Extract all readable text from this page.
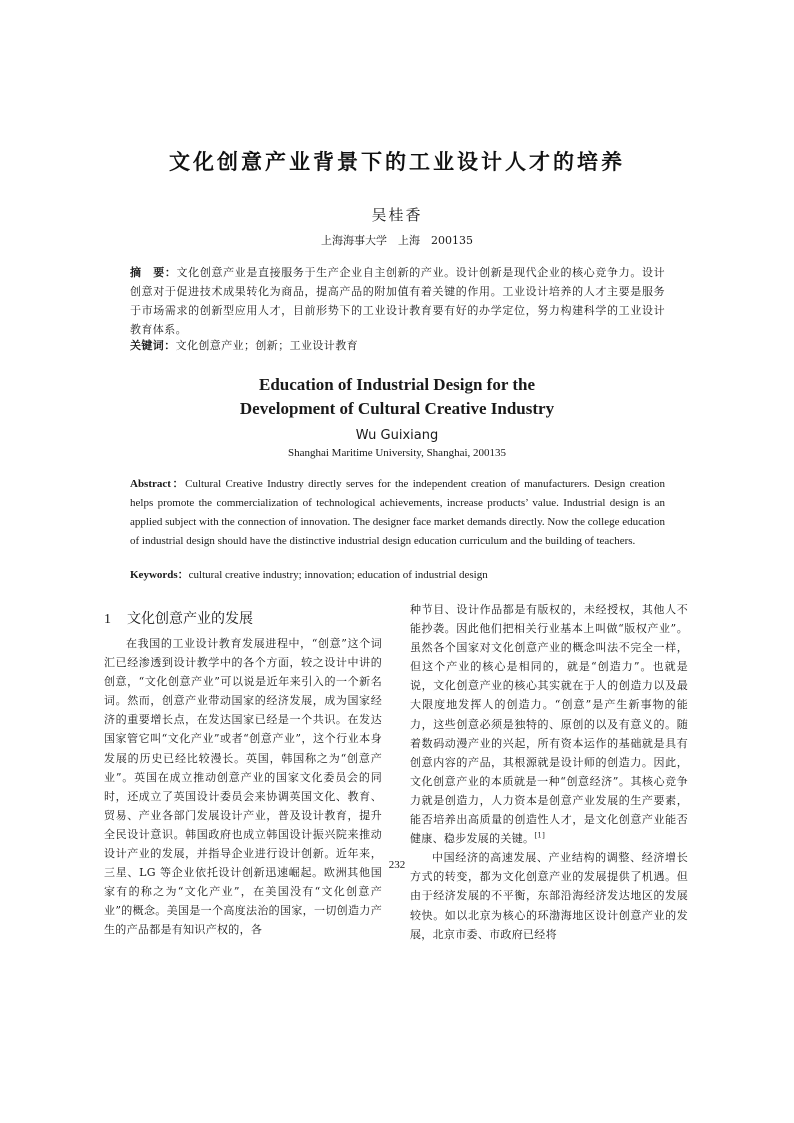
文化创意产业背景下的工业设计人才的培养
吴桂香
上海海事大学　上海　200135
摘　要：文化创意产业是直接服务于生产企业自主创新的产业。设计创新是现代企业的核心竞争力。设计创意对于促进技术成果转化为商品，提高产品的附加值有着关键的作用。工业设计培养的人才主要是服务于市场需求的创新型应用人才，目前形势下的工业设计教育要有好的办学定位，努力构建科学的工业设计教育体系。
关键词：文化创意产业；创新；工业设计教育
Education of Industrial Design for the
Development of Cultural Creative Industry
Wu Guixiang
Shanghai Maritime University, Shanghai, 200135
Abstract：Cultural Creative Industry directly serves for the independent creation of manufacturers. Design creation helps promote the commercialization of technological achievements, increase products’ value. Industrial design is an applied subject with the connection of innovation. The designer face market demands directly. Now the college education of industrial design should have the distinctive industrial design education curriculum and the building of teachers.
Keywords：cultural creative industry; innovation; education of industrial design
1 文化创意产业的发展

在我国的工业设计教育发展进程中，“创意”这个词汇已经渗透到设计教学中的各个方面，较之设计中讲的创意，“文化创意产业”可以说是近年来引入的一个新名词。然而，创意产业带动国家的经济发展，成为国家经济的重要增长点，在发达国家已经是一个共识。在发达国家管它叫“文化产业”或者“创意产业”，这个行业本身发展的历史已经比较漫长。英国，韩国称之为“创意产业”。英国在成立推动创意产业的国家文化委员会的同时，还成立了英国设计委员会来协调英国文化、教育、贸易、产业各部门发展设计产业，普及设计教育，提升全民设计意识。韩国政府也成立韩国设计振兴院来推动设计产业的发展，并指导企业进行设计创新。近年来，三星、LG 等企业依托设计创新迅速崛起。欧洲其他国家有的称之为“文化产业”，在美国没有“文化创意产业”的概念。美国是一个高度法治的国家，一切创造力产生的产品都是有知识产权的，各

种节目、设计作品都是有版权的，未经授权，其他人不能抄袭。因此他们把相关行业基本上叫做“版权产业”。虽然各个国家对文化创意产业的概念叫法不完全一样，但这个产业的核心是相同的，就是“创造力”。也就是说，文化创意产业的核心其实就在于人的创造力以及最大限度地发挥人的创造力。“创意”是产生新事物的能力，这些创意必须是独特的、原创的以及有意义的。随着数码动漫产业的兴起，所有资本运作的基础就是具有创意内容的产品，其根源就是设计师的创造力。因此，文化创意产业的本质就是一种“创意经济”。其核心竞争力就是创造力，人力资本是创意产业发展的生产要素，能否培养出高质量的创造性人才，是文化创意产业能否健康、稳步发展的关键。[1]

中国经济的高速发展、产业结构的调整、经济增长方式的转变，都为文化创意产业的发展提供了机遇。但由于经济发展的不平衡，东部沿海经济发达地区的发展较快。如以北京为核心的环渤海地区设计创意产业的发展，北京市委、市政府已经将

232
